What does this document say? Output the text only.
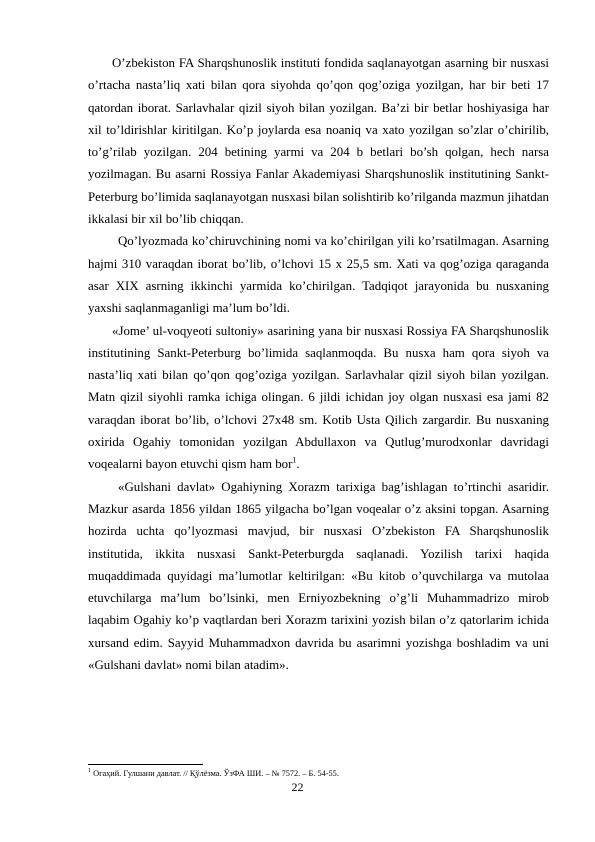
O’zbekiston FA Sharqshunoslik instituti fondida saqlanayotgan asarning bir nusxasi o’rtacha nasta’liq xati bilan qora siyohda qo’qon qog’oziga yozilgan, har bir beti 17 qatordan iborat. Sarlavhalar qizil siyoh bilan yozilgan. Ba’zi bir betlar hoshiyasiga har xil to’ldirishlar kiritilgan. Ko’p joylarda esa noaniq va xato yozilgan so’zlar o’chirilib, to’g’rilab yozilgan. 204 betining yarmi va 204 b betlari bo’sh qolgan, hech narsa yozilmagan. Bu asarni Rossiya Fanlar Akademiyasi Sharqshunoslik institutining Sankt-Peterburg bo’limida saqlanayotgan nusxasi bilan solishtirib ko’rilganda mazmun jihatdan ikkalasi bir xil bo’lib chiqqan.

Qo’lyozmada ko’chiruvchining nomi va ko’chirilgan yili ko’rsatilmagan. Asarning hajmi 310 varaqdan iborat bo’lib, o’lchovi 15 x 25,5 sm. Xati va qog’oziga qaraganda asar XIX asrning ikkinchi yarmida ko’chirilgan. Tadqiqot jarayonida bu nusxaning yaxshi saqlanmaganligi ma’lum bo’ldi.

«Jome’ ul-voqyeoti sultoniy» asarining yana bir nusxasi Rossiya FA Sharqshunoslik institutining Sankt-Peterburg bo’limida saqlanmoqda. Bu nusxa ham qora siyoh va nasta’liq xati bilan qo’qon qog’oziga yozilgan. Sarlavhalar qizil siyoh bilan yozilgan. Matn qizil siyohli ramka ichiga olingan. 6 jildi ichidan joy olgan nusxasi esa jami 82 varaqdan iborat bo’lib, o’lchovi 27x48 sm. Kotib Usta Qilich zargardir. Bu nusxaning oxirida Ogahiy tomonidan yozilgan Abdullaxon va Qutlug’murodxonlar davridagi voqealarni bayon etuvchi qism ham bor$^1$.

«Gulshani davlat» Ogahiyning Xorazm tarixiga bag’ishlagan to’rtinchi asaridir. Mazkur asarda 1856 yildan 1865 yilgacha bo’lgan voqealar o’z aksini topgan. Asarning hozirda uchta qo’lyozmasi mavjud, bir nusxasi O’zbekiston FA Sharqshunoslik institutida, ikkita nusxasi Sankt-Peterburgda saqlanadi. Yozilish tarixi haqida muqaddimada quyidagi ma’lumotlar keltirilgan: «Bu kitob o’quvchilarga va mutolaa etuvchilarga ma’lum bo’lsinki, men Erniyozbekning o’g’li Muhammadrizo mirob laqabim Ogahiy ko’p vaqtlardan beri Xorazm tarixini yozish bilan o’z qatorlarim ichida xursand edim. Sayyid Muhammadxon davrida bu asarimni yozishga boshladim va uni «Gulshani davlat» nomi bilan atadim».

$^1$ Огаҳий. Гулшани давлат. // Қўлёзма. ЎзФА ШИ. – № 7572. – Б. 54-55.
22
